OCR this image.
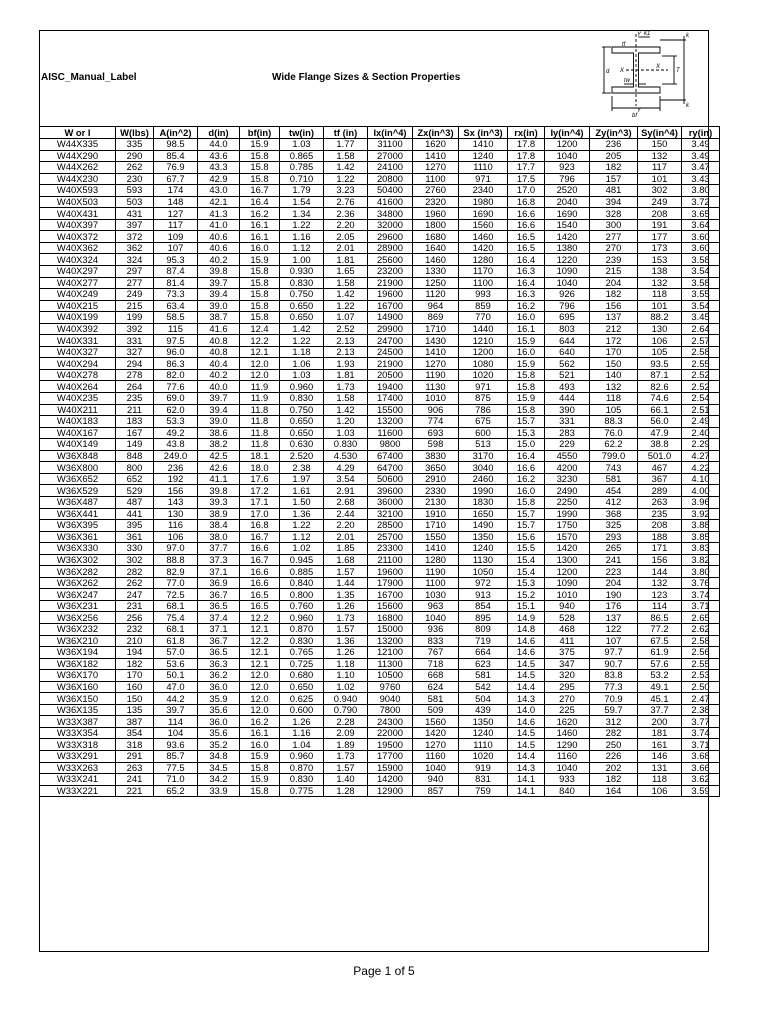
AISC_Manual_Label	Wide Flange Sizes & Section Properties
Y
Y
k1	k
k
tf
d X
X
T
tw
bf
W or I	W(lbs)	A(in^2)	d(in)	bf(in)	tw(in)	tf (in)	Ix(in^4)	Zx(in^3)	Sx (in^3)	rx(in)	Iy(in^4)	Zy(in^3)	Sy(in^4)	ry(in)
W44X335	335	98.5	44.0	15.9	1.03	1.77	31100	1620	1410	17.8	1200	236	150	3.49
W44X290	290	85.4	43.6	15.8	0.865	1.58	27000	1410	1240	17.8	1040	205	132	3.49
W44X262	262	76.9	43.3	15.8	0.785	1.42	24100	1270	1110	17.7	923	182	117	3.47
W44X230	230	67.7	42.9	15.8	0.710	1.22	20800	1100	971	17.5	796	157	101	3.43
W40X593	593	174	43.0	16.7	1.79	3.23	50400	2760	2340	17.0	2520	481	302	3.80
W40X503	503	148	42.1	16.4	1.54	2.76	41600	2320	1980	16.8	2040	394	249	3.72
W40X431	431	127	41.3	16.2	1.34	2.36	34800	1960	1690	16.6	1690	328	208	3.65
W40X397	397	117	41.0	16.1	1.22	2.20	32000	1800	1560	16.6	1540	300	191	3.64
W40X372	372	109	40.6	16.1	1.16	2.05	29600	1680	1460	16.5	1420	277	177	3.60
W40X362	362	107	40.6	16.0	1.12	2.01	28900	1640	1420	16.5	1380	270	173	3.60
W40X324	324	95.3	40.2	15.9	1.00	1.81	25600	1460	1280	16.4	1220	239	153	3.58
W40X297	297	87.4	39.8	15.8	0.930	1.65	23200	1330	1170	16.3	1090	215	138	3.54
W40X277	277	81.4	39.7	15.8	0.830	1.58	21900	1250	1100	16.4	1040	204	132	3.58
W40X249	249	73.3	39.4	15.8	0.750	1.42	19600	1120	993	16.3	926	182	118	3.55
W40X215	215	63.4	39.0	15.8	0.650	1.22	16700	964	859	16.2	796	156	101	3.54
W40X199	199	58.5	38.7	15.8	0.650	1.07	14900	869	770	16.0	695	137	88.2	3.45
W40X392	392	115	41.6	12.4	1.42	2.52	29900	1710	1440	16.1	803	212	130	2.64
W40X331	331	97.5	40.8	12.2	1.22	2.13	24700	1430	1210	15.9	644	172	106	2.57
W40X327	327	96.0	40.8	12.1	1.18	2.13	24500	1410	1200	16.0	640	170	105	2.58
W40X294	294	86.3	40.4	12.0	1.06	1.93	21900	1270	1080	15.9	562	150	93.5	2.55
W40X278	278	82.0	40.2	12.0	1.03	1.81	20500	1190	1020	15.8	521	140	87.1	2.52
W40X264	264	77.6	40.0	11.9	0.960	1.73	19400	1130	971	15.8	493	132	82.6	2.52
W40X235	235	69.0	39.7	11.9	0.830	1.58	17400	1010	875	15.9	444	118	74.6	2.54
W40X211	211	62.0	39.4	11.8	0.750	1.42	15500	906	786	15.8	390	105	66.1	2.51
W40X183	183	53.3	39.0	11.8	0.650	1.20	13200	774	675	15.7	331	88.3	56.0	2.49
W40X167	167	49.2	38.6	11.8	0.650	1.03	11600	693	600	15.3	283	76.0	47.9	2.40
W40X149	149	43.8	38.2	11.8	0.630	0.830	9800	598	513	15.0	229	62.2	38.8	2.29
W36X848	848	249.0	42.5	18.1	2.520	4.530	67400	3830	3170	16.4	4550	799.0	501.0	4.27
W36X800	800	236	42.6	18.0	2.38	4.29	64700	3650	3040	16.6	4200	743	467	4.22
W36X652	652	192	41.1	17.6	1.97	3.54	50600	2910	2460	16.2	3230	581	367	4.10
W36X529	529	156	39.8	17.2	1.61	2.91	39600	2330	1990	16.0	2490	454	289	4.00
W36X487	487	143	39.3	17.1	1.50	2.68	36000	2130	1830	15.8	2250	412	263	3.96
W36X441	441	130	38.9	17.0	1.36	2.44	32100	1910	1650	15.7	1990	368	235	3.92
W36X395	395	116	38.4	16.8	1.22	2.20	28500	1710	1490	15.7	1750	325	208	3.88
W36X361	361	106	38.0	16.7	1.12	2.01	25700	1550	1350	15.6	1570	293	188	3.85
W36X330	330	97.0	37.7	16.6	1.02	1.85	23300	1410	1240	15.5	1420	265	171	3.83
W36X302	302	88.8	37.3	16.7	0.945	1.68	21100	1280	1130	15.4	1300	241	156	3.82
W36X282	282	82.9	37.1	16.6	0.885	1.57	19600	1190	1050	15.4	1200	223	144	3.80
W36X262	262	77.0	36.9	16.6	0.840	1.44	17900	1100	972	15.3	1090	204	132	3.76
W36X247	247	72.5	36.7	16.5	0.800	1.35	16700	1030	913	15.2	1010	190	123	3.74
W36X231	231	68.1	36.5	16.5	0.760	1.26	15600	963	854	15.1	940	176	114	3.71
W36X256	256	75.4	37.4	12.2	0.960	1.73	16800	1040	895	14.9	528	137	86.5	2.65
W36X232	232	68.1	37.1	12.1	0.870	1.57	15000	936	809	14.8	468	122	77.2	2.62
W36X210	210	61.8	36.7	12.2	0.830	1.36	13200	833	719	14.6	411	107	67.5	2.58
W36X194	194	57.0	36.5	12.1	0.765	1.26	12100	767	664	14.6	375	97.7	61.9	2.56
W36X182	182	53.6	36.3	12.1	0.725	1.18	11300	718	623	14.5	347	90.7	57.6	2.55
W36X170	170	50.1	36.2	12.0	0.680	1.10	10500	668	581	14.5	320	83.8	53.2	2.53
W36X160	160	47.0	36.0	12.0	0.650	1.02	9760	624	542	14.4	295	77.3	49.1	2.50
W36X150	150	44.2	35.9	12.0	0.625	0.940	9040	581	504	14.3	270	70.9	45.1	2.47
W36X135	135	39.7	35.6	12.0	0.600	0.790	7800	509	439	14.0	225	59.7	37.7	2.38
W33X387	387	114	36.0	16.2	1.26	2.28	24300	1560	1350	14.6	1620	312	200	3.77
W33X354	354	104	35.6	16.1	1.16	2.09	22000	1420	1240	14.5	1460	282	181	3.74
W33X318	318	93.6	35.2	16.0	1.04	1.89	19500	1270	1110	14.5	1290	250	161	3.71
W33X291	291	85.7	34.8	15.9	0.960	1.73	17700	1160	1020	14.4	1160	226	146	3.68
W33X263	263	77.5	34.5	15.8	0.870	1.57	15900	1040	919	14.3	1040	202	131	3.66
W33X241	241	71.0	34.2	15.9	0.830	1.40	14200	940	831	14.1	933	182	118	3.62
W33X221	221	65.2	33.9	15.8	0.775	1.28	12900	857	759	14.1	840	164	106	3.59
Page 1 of 5
